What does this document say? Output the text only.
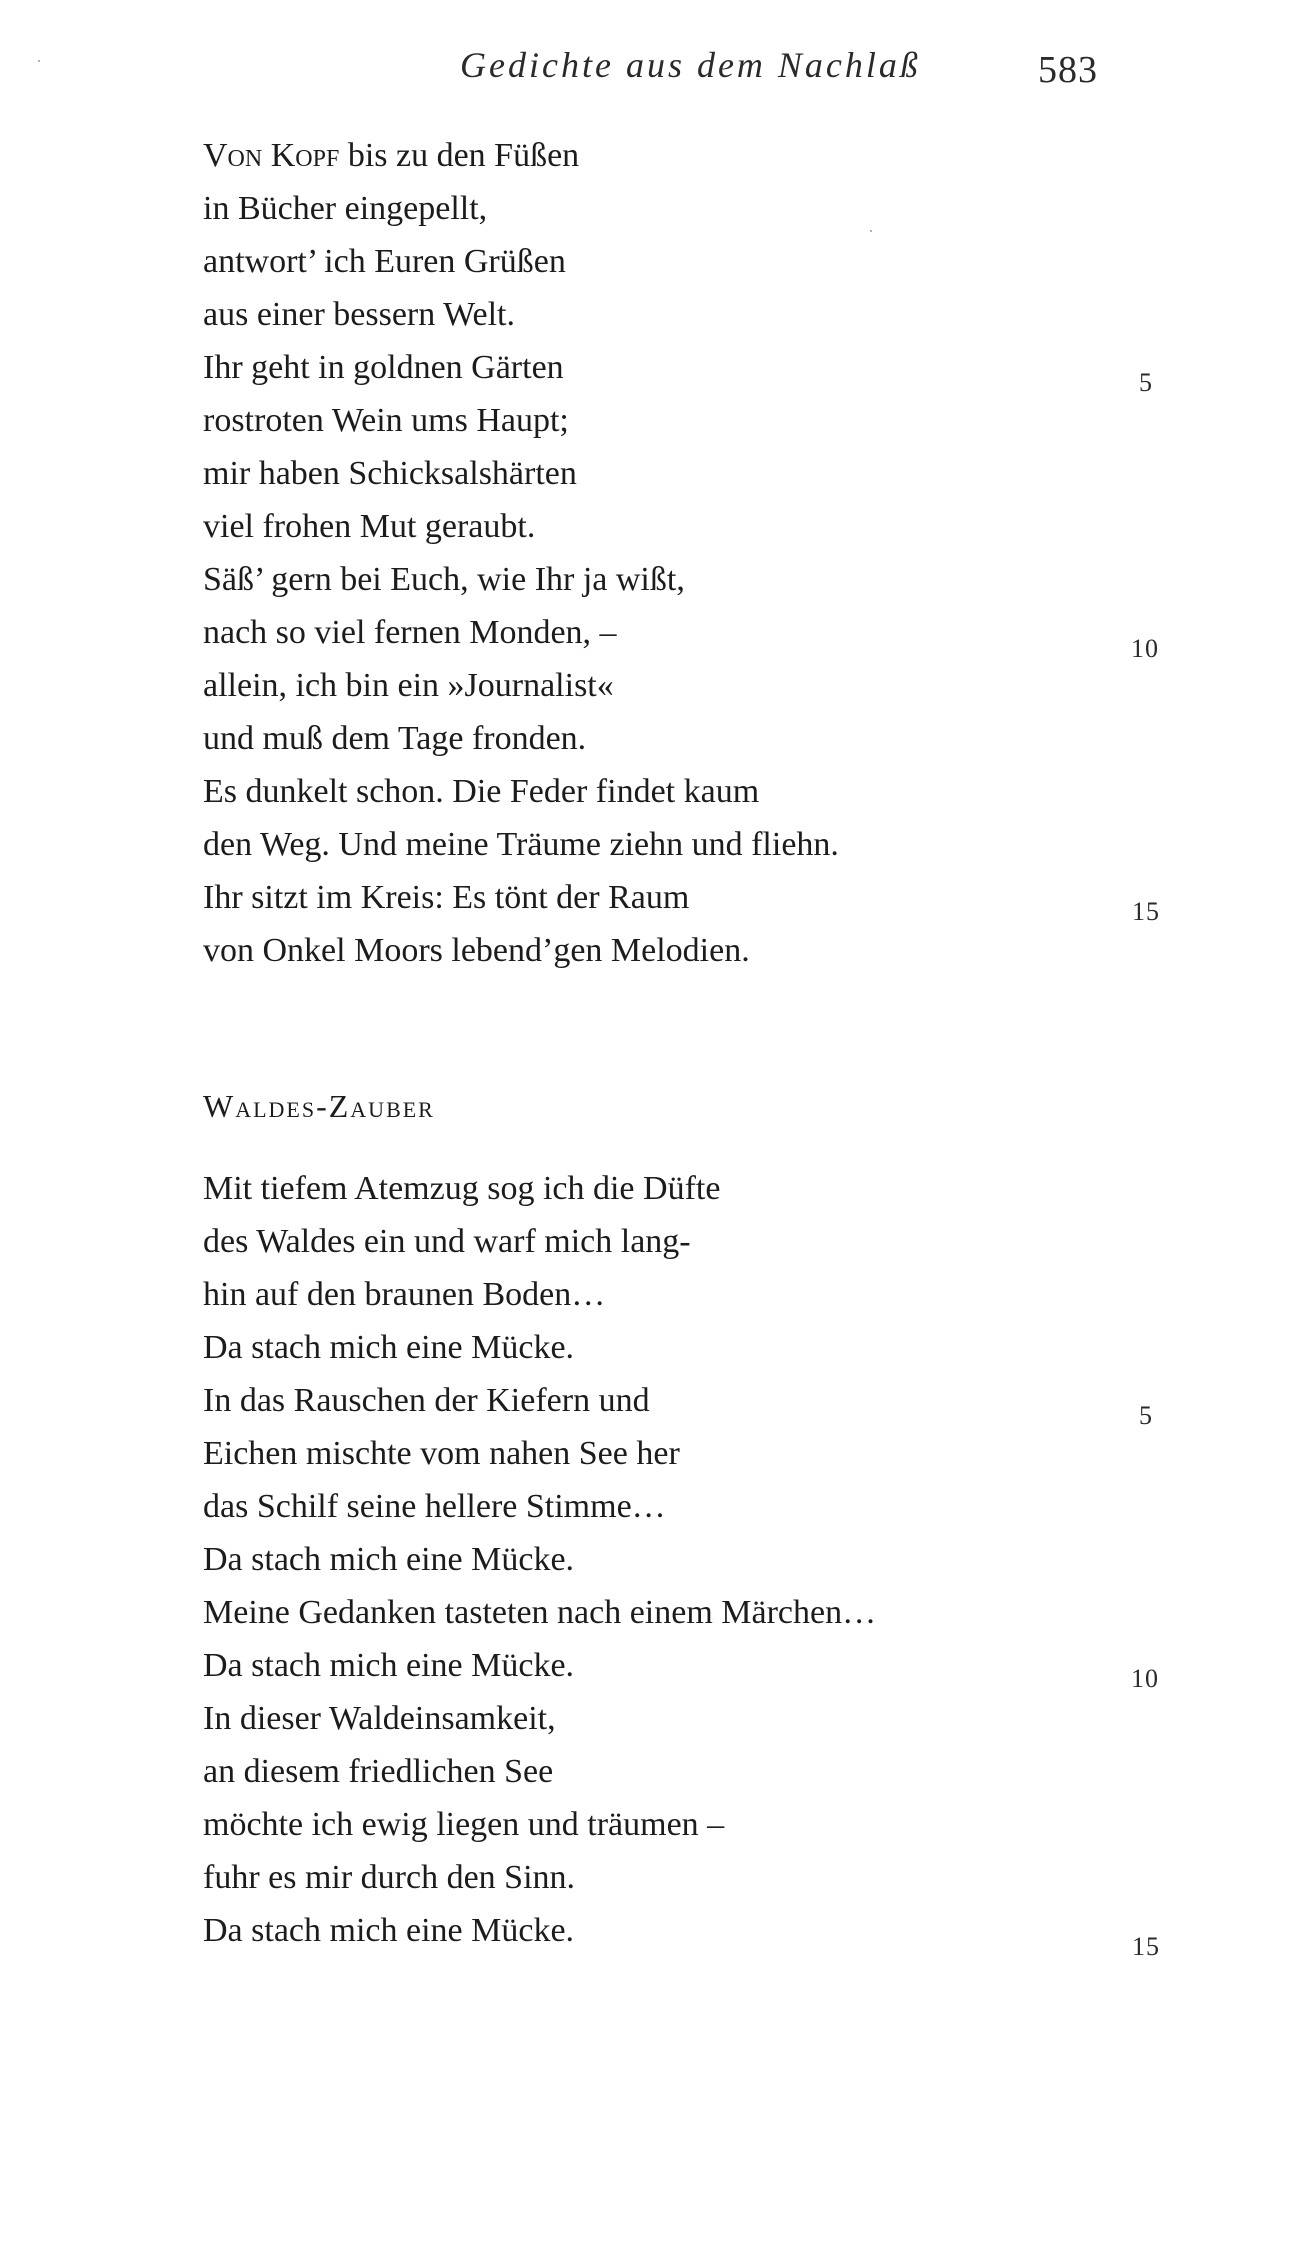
Gedichte aus dem Nachlaß	583
Von Kopf bis zu den Füßen
in Bücher eingepellt,
antwort’ ich Euren Grüßen
aus einer bessern Welt.
Ihr geht in goldnen Gärten
rostroten Wein ums Haupt;
mir haben Schicksalshärten
viel frohen Mut geraubt.
Säß’ gern bei Euch, wie Ihr ja wißt,
nach so viel fernen Monden, –
allein, ich bin ein »Journalist«
und muß dem Tage fronden.
Es dunkelt schon. Die Feder findet kaum
den Weg. Und meine Träume ziehn und fliehn.
Ihr sitzt im Kreis: Es tönt der Raum
von Onkel Moors lebend’gen Melodien.
5
10
15
Waldes-Zauber
Mit tiefem Atemzug sog ich die Düfte
des Waldes ein und warf mich lang-
hin auf den braunen Boden…
Da stach mich eine Mücke.
In das Rauschen der Kiefern und
Eichen mischte vom nahen See her
das Schilf seine hellere Stimme…
Da stach mich eine Mücke.
Meine Gedanken tasteten nach einem Märchen…
Da stach mich eine Mücke.
In dieser Waldeinsamkeit,
an diesem friedlichen See
möchte ich ewig liegen und träumen –
fuhr es mir durch den Sinn.
Da stach mich eine Mücke.
5
10
15
